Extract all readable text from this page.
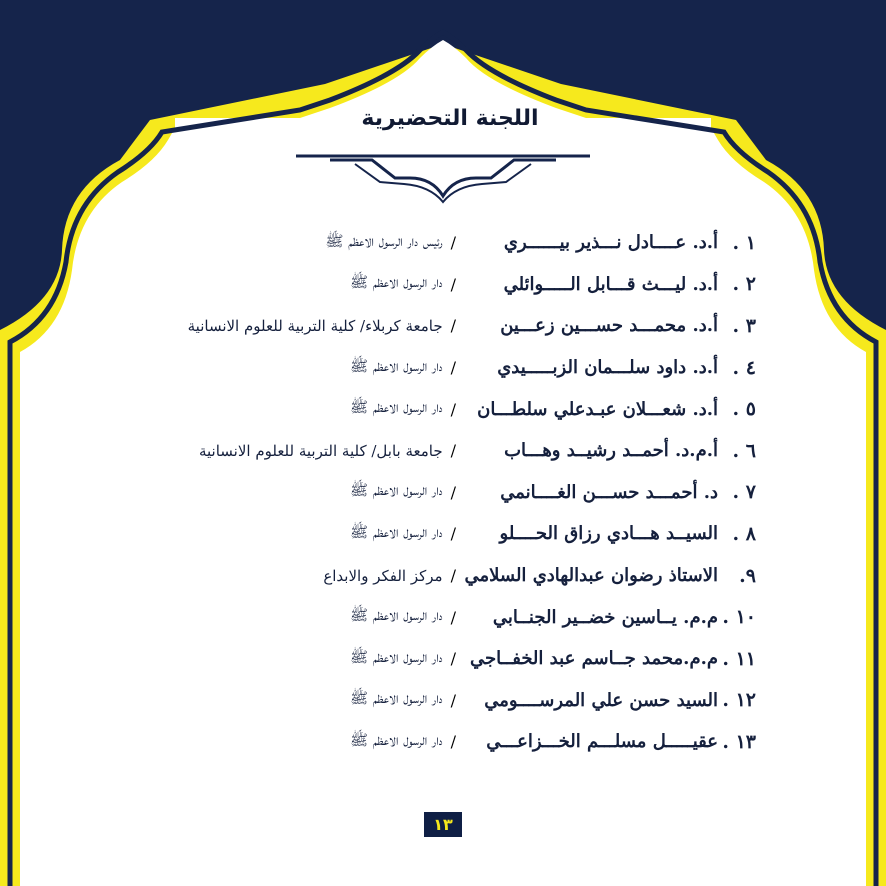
اللجنة التحضيرية
١ .
أ.د. عــــادل نـــذير بيــــــري
/
رئيس دار الرسول الاعظم ﷺ
٢ .
أ.د. ليـــث قـــابل الـــــوائلي
/
دار الرسول الاعظم ﷺ
٣ .
أ.د. محمـــد حســـين زعـــين
/
جامعة كربلاء/ كلية التربية للعلوم الانسانية
٤ .
أ.د. داود سلـــمان الزبـــــيدي
/
دار الرسول الاعظم ﷺ
٥ .
أ.د. شعـــلان عبـدعلي سلطـــان
/
دار الرسول الاعظم ﷺ
٦ .
أ.م.د. أحمــد رشيــد وهـــاب
/
جامعة بابل/ كلية التربية للعلوم الانسانية
٧ .
د. أحمـــد حســـن الغــــانمي
/
دار الرسول الاعظم ﷺ
٨ .
السيــد هـــادي رزاق الحــــلو
/
دار الرسول الاعظم ﷺ
٩.
الاستاذ رضوان عبدالهادي السلامي
/
مركز الفكر والابداع
١٠ .
م.م. يــاسين خضــير الجنــابي
/
دار الرسول الاعظم ﷺ
١١ .
م.م.محمد جــاسم عبد الخفــاجي
/
دار الرسول الاعظم ﷺ
١٢ .
السيد حسن علي المرســــومي
/
دار الرسول الاعظم ﷺ
١٣ .
عقيـــــل مسلـــم الخـــزاعـــي
/
دار الرسول الاعظم ﷺ
١٣
